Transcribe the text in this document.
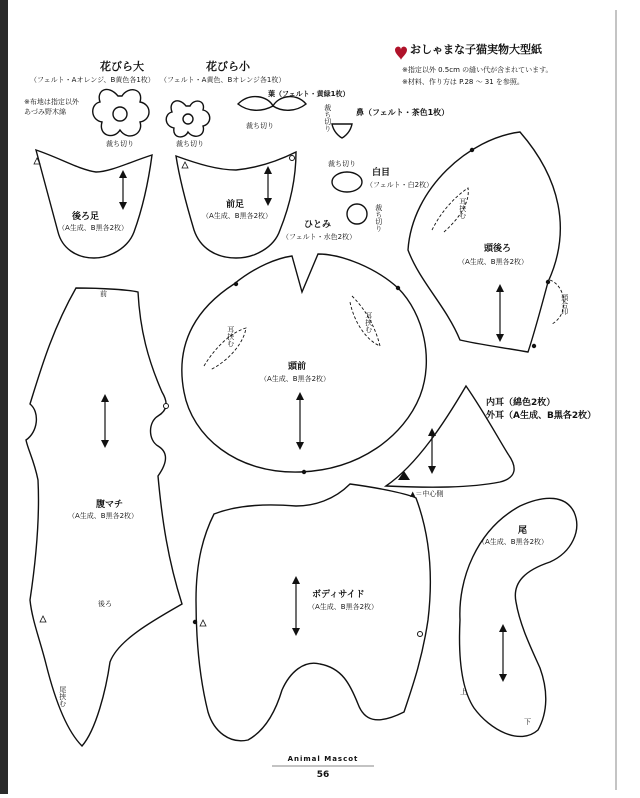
おしゃまな子猫実物大型紙
※指定以外 0.5cm の縫い代が含まれています。
※材料、作り方は P.28 ～ 31 を参照。
※布地は指定以外
あづみ野木綿
花びら大
（フェルト・Aオレンジ、B黄色各1枚）
裁ち切り
花びら小
（フェルト・A黄色、Bオレンジ各1枚）
裁ち切り
葉（フェルト・黄緑1枚）
裁ち切り
鼻（フェルト・茶色1枚）
裁ち切り
白目
（フェルト・白2枚）
裁ち切り
ひとみ
（フェルト・水色2枚）
裁ち切り
後ろ足
（A生成、B黒各2枚）
前足
（A生成、B黒各2枚）
頭後ろ
（A生成、B黒各2枚）
耳挟む
頭合印
頭前
（A生成、B黒各2枚）
耳挟む
耳挟む
内耳（綿色2枚）
外耳（A生成、B黒各2枚）
▲＝中心側
前
腹マチ
（A生成、B黒各2枚）
後ろ
尾挟む
ボディサイド
（A生成、B黒各2枚）
尾
（A生成、B黒各2枚）
上
下
Animal Mascot
56
